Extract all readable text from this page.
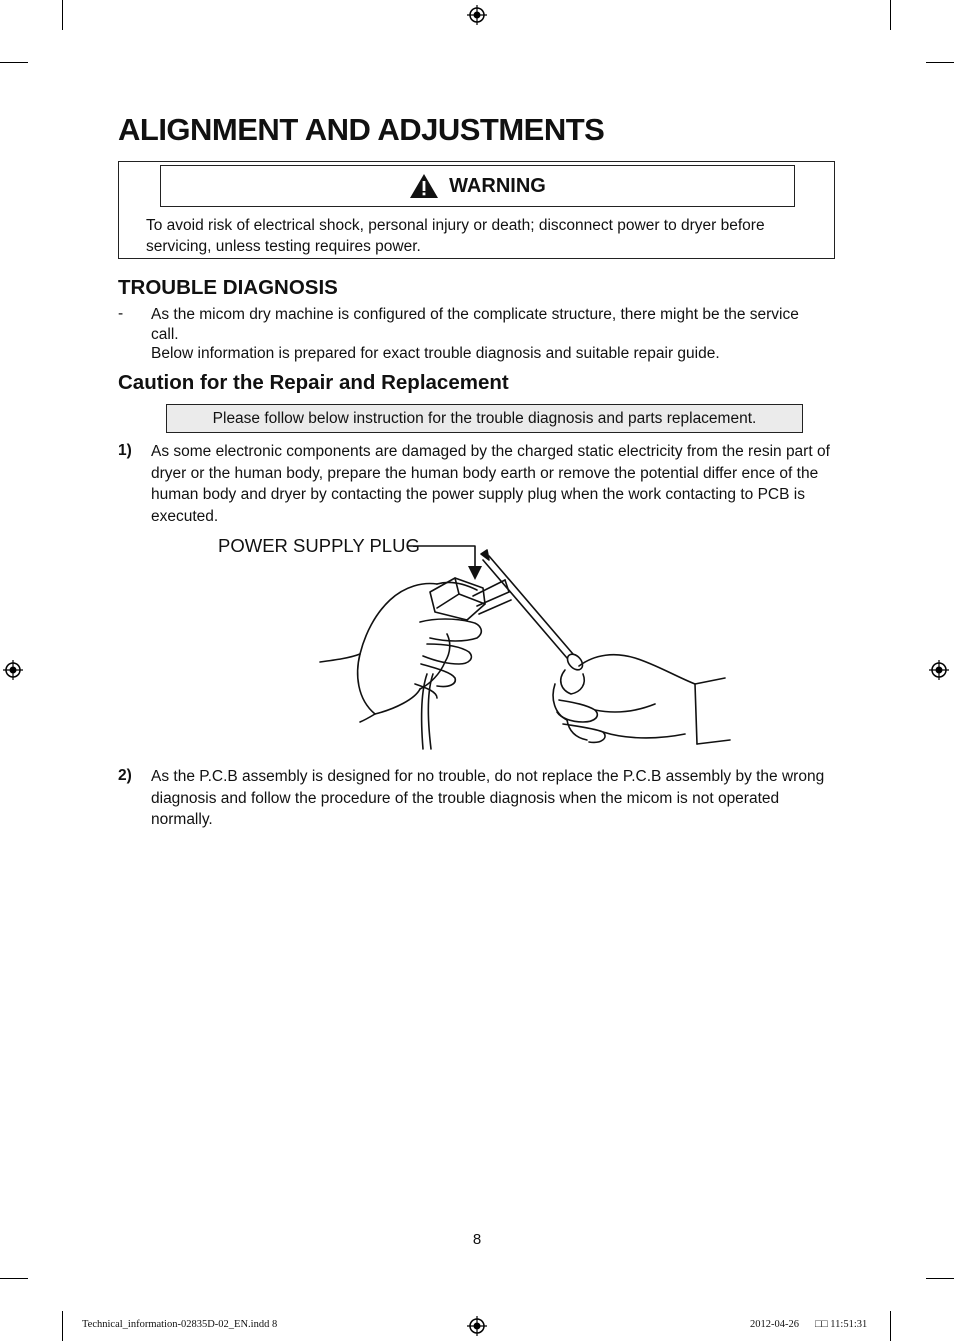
ALIGNMENT AND ADJUSTMENTS
WARNING
To avoid risk of electrical shock, personal injury or death; disconnect power to dryer before servicing, unless testing requires power.
TROUBLE DIAGNOSIS
- As the micom dry machine is configured of the complicate structure, there might be the service call.
Below information is prepared for exact trouble diagnosis and suitable repair guide.
Caution for the Repair and Replacement
Please follow below instruction for the trouble diagnosis and parts replacement.
1) As some electronic components are damaged by the charged static electricity from the resin part of dryer or the human body, prepare the human body earth or remove the potential differ ence of the human body and dryer by contacting the power supply plug when the work contacting to PCB is executed.
POWER SUPPLY PLUG
2) As the P.C.B assembly is designed for no trouble, do not replace the P.C.B assembly by the wrong diagnosis and follow the procedure of the trouble diagnosis when the micom is not operated normally.
8
Technical_information-02835D-02_EN.indd 8	2012-04-26 □□ 11:51:31
